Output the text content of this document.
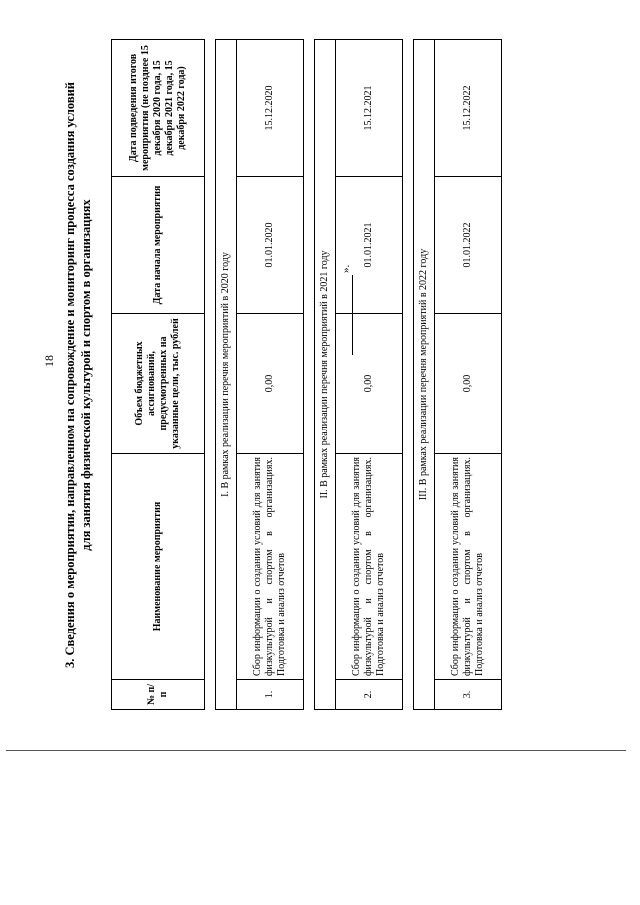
18 3. Сведения о мероприятии, направленном на сопровождение и мониторинг процесса создания условий для занятия физической культурой и спортом в организациях
№ п/п	Наименование мероприятия	Объем бюджетных ассигнований, предусмотренных на указанные цели, тыс. рублей	Дата начала мероприятия	Дата подведения итогов мероприятия (не позднее 15 декабря 2020 года, 15 декабря 2021 года, 15 декабря 2022 года)

I. В рамках реализации перечня мероприятий в 2020 году				
1.	Сбор информации о создании условий для занятия физкультурой и спортом в организациях. Подготовка и анализ отчетов	0,00	01.01.2020	15.12.2020

II. В рамках реализации перечня мероприятий в 2021 году				
2.	Сбор информации о создании условий для занятия физкультурой и спортом в организациях. Подготовка и анализ отчетов	0,00	01.01.2021	15.12.2021

III. В рамках реализации перечня мероприятий в 2022 году				
3.	Сбор информации о создании условий для занятия физкультурой и спортом в организациях. Подготовка и анализ отчетов	0,00	01.01.2022	15.12.2022
».
